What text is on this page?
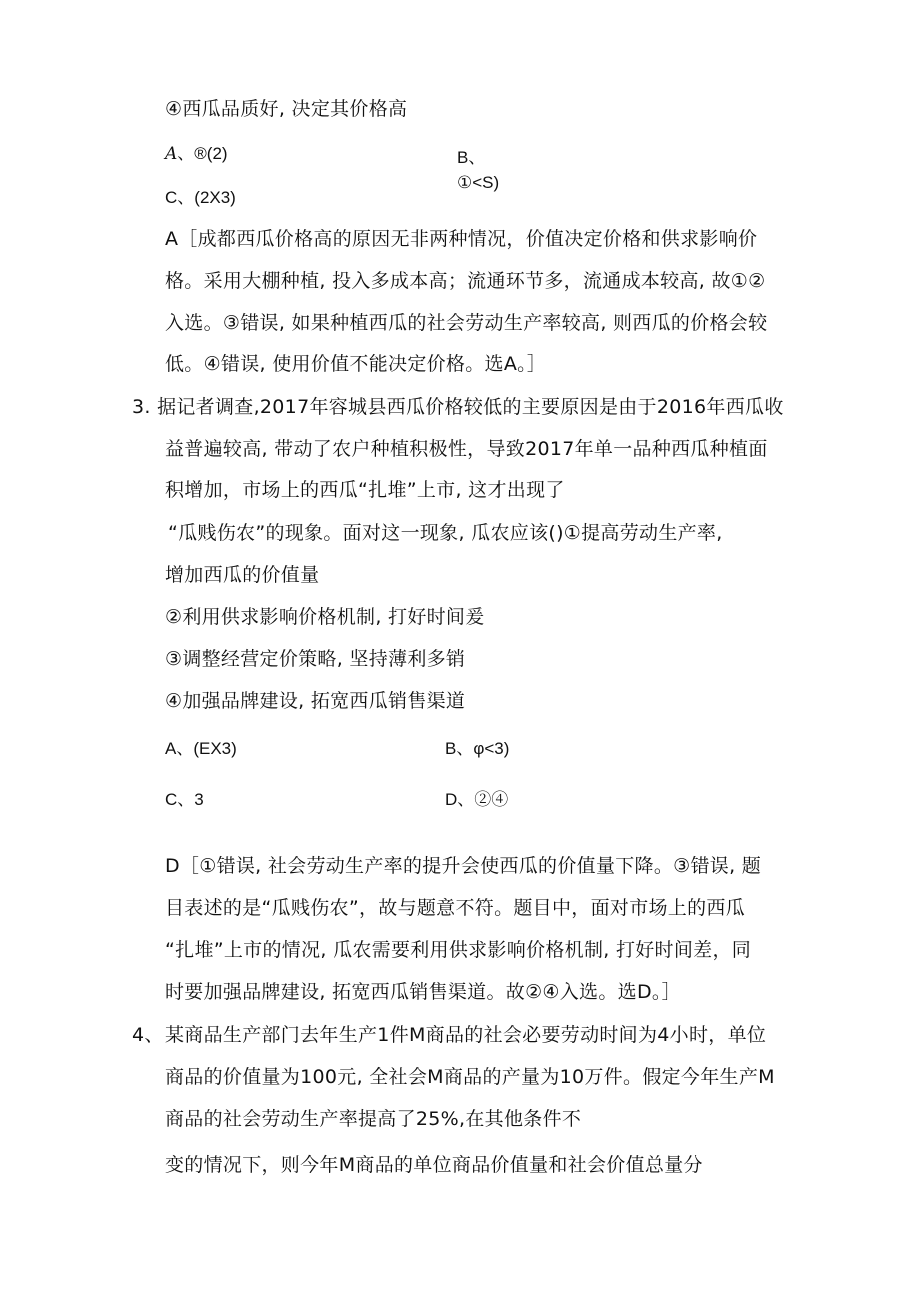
④西瓜品质好, 决定其价格高

A、®(2)	B、

①<S)

C、(2X3)

A［成都西瓜价格高的原因无非两种情况，价值决定价格和供求影响价

格。采用大棚种植, 投入多成本高；流通环节多，流通成本较高, 故①②

入选。③错误, 如果种植西瓜的社会劳动生产率较高, 则西瓜的价格会较

低。④错误, 使用价值不能决定价格。选A。］

3. 据记者调查,2017年容城县西瓜价格较低的主要原因是由于2016年西瓜收

益普遍较高, 带动了农户种植积极性，导致2017年单一品种西瓜种植面

积增加，市场上的西瓜“扎堆”上市, 这才出现了

“瓜贱伤农”的现象。面对这一现象, 瓜农应该()①提高劳动生产率,

增加西瓜的价值量

②利用供求影响价格机制, 打好时间爰

③调整经营定价策略, 坚持薄利多销

④加强品牌建设, 拓宽西瓜销售渠道

A、(EX3)	B、φ<3)

C、3	D、②④

D［①错误, 社会劳动生产率的提升会使西瓜的价值量下降。③错误, 题

目表述的是“瓜贱伤农”，故与题意不符。题目中，面对市场上的西瓜

“扎堆”上市的情况, 瓜农需要利用供求影响价格机制, 打好时间差，同

时要加强品牌建设, 拓宽西瓜销售渠道。故②④入选。选D。］

4、 某商品生产部门去年生产1件M商品的社会必要劳动时间为4小时，单位

商品的价值量为100元, 全社会M商品的产量为10万件。假定今年生产M

商品的社会劳动生产率提高了25%,在其他条件不

变的情况下，则今年M商品的单位商品价值量和社会价值总量分
